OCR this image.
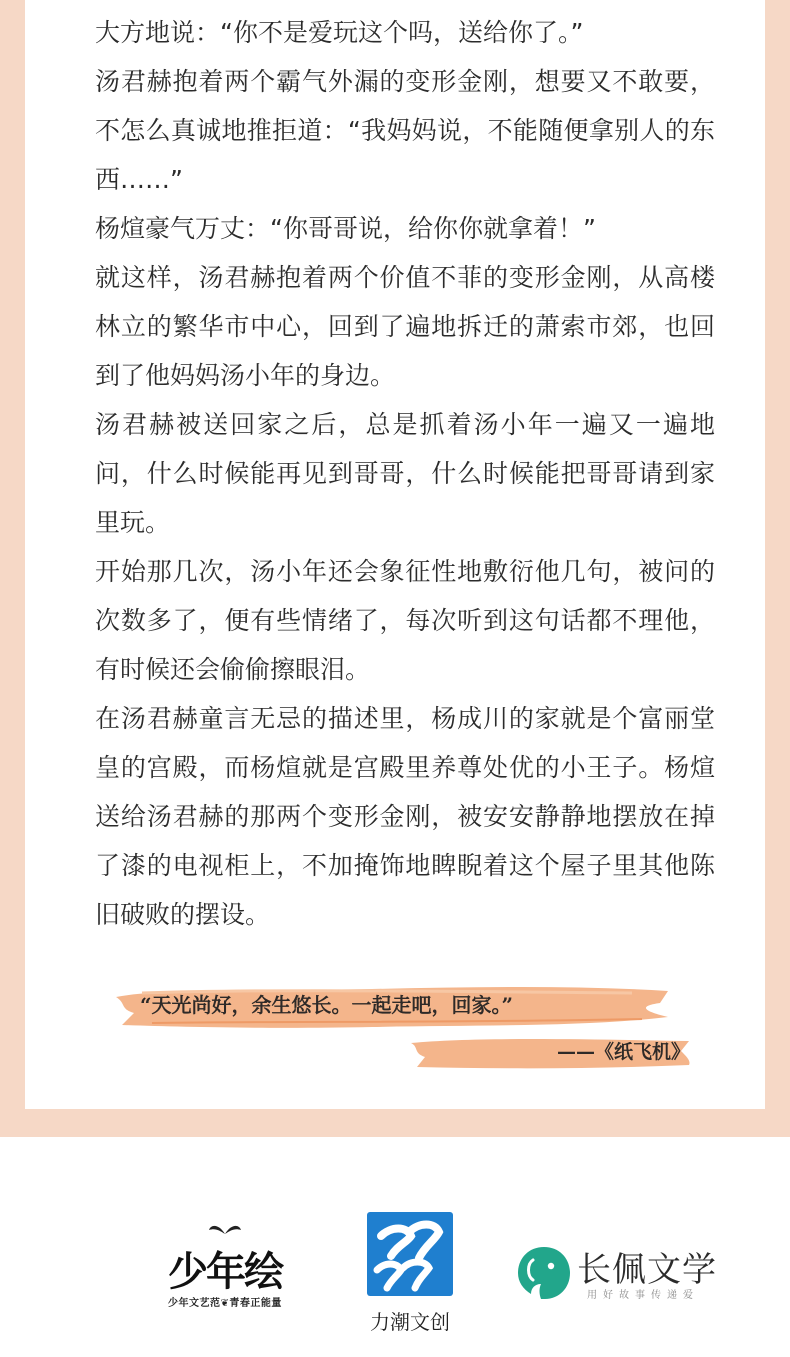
大方地说：“你不是爱玩这个吗，送给你了。”

汤君赫抱着两个霸气外漏的变形金刚，想要又不敢要，不怎么真诚地推拒道：“我妈妈说，不能随便拿别人的东西……”

杨煊豪气万丈：“你哥哥说，给你你就拿着！”

就这样，汤君赫抱着两个价值不菲的变形金刚，从高楼林立的繁华市中心，回到了遍地拆迁的萧索市郊，也回到了他妈妈汤小年的身边。

汤君赫被送回家之后，总是抓着汤小年一遍又一遍地问，什么时候能再见到哥哥，什么时候能把哥哥请到家里玩。

开始那几次，汤小年还会象征性地敷衍他几句，被问的次数多了，便有些情绪了，每次听到这句话都不理他，有时候还会偷偷擦眼泪。

在汤君赫童言无忌的描述里，杨成川的家就是个富丽堂皇的宫殿，而杨煊就是宫殿里养尊处优的小王子。杨煊送给汤君赫的那两个变形金刚，被安安静静地摆放在掉了漆的电视柜上，不加掩饰地睥睨着这个屋子里其他陈旧破败的摆设。

“天光尚好，余生悠长。一起走吧，回家。”
——《纸飞机》
少年绘
少年文艺范❦青春正能量
力潮文创
长佩文学
用好故事传递爱
